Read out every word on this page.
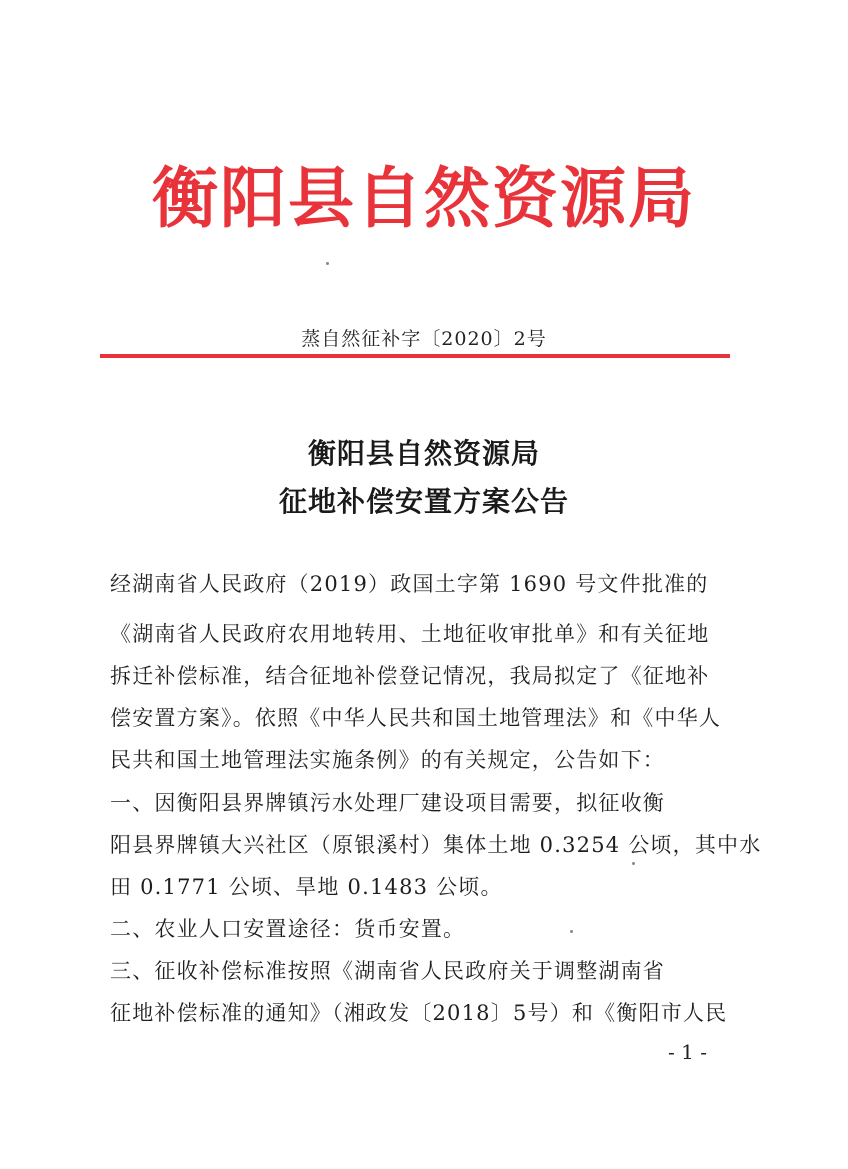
衡阳县自然资源局
蒸自然征补字〔2020〕2号
衡阳县自然资源局
征地补偿安置方案公告
经湖南省人民政府（2019）政国土字第 1690 号文件批准的
《湖南省人民政府农用地转用、土地征收审批单》和有关征地
拆迁补偿标准，结合征地补偿登记情况，我局拟定了《征地补
偿安置方案》。依照《中华人民共和国土地管理法》和《中华人
民共和国土地管理法实施条例》的有关规定，公告如下：
一、因衡阳县界牌镇污水处理厂建设项目需要，拟征收衡
阳县界牌镇大兴社区（原银溪村）集体土地 0.3254 公顷，其中水
田 0.1771 公顷、旱地 0.1483 公顷。
二、农业人口安置途径：货币安置。
三、征收补偿标准按照《湖南省人民政府关于调整湖南省
征地补偿标准的通知》（湘政发〔2018〕5号）和《衡阳市人民
- 1 -
